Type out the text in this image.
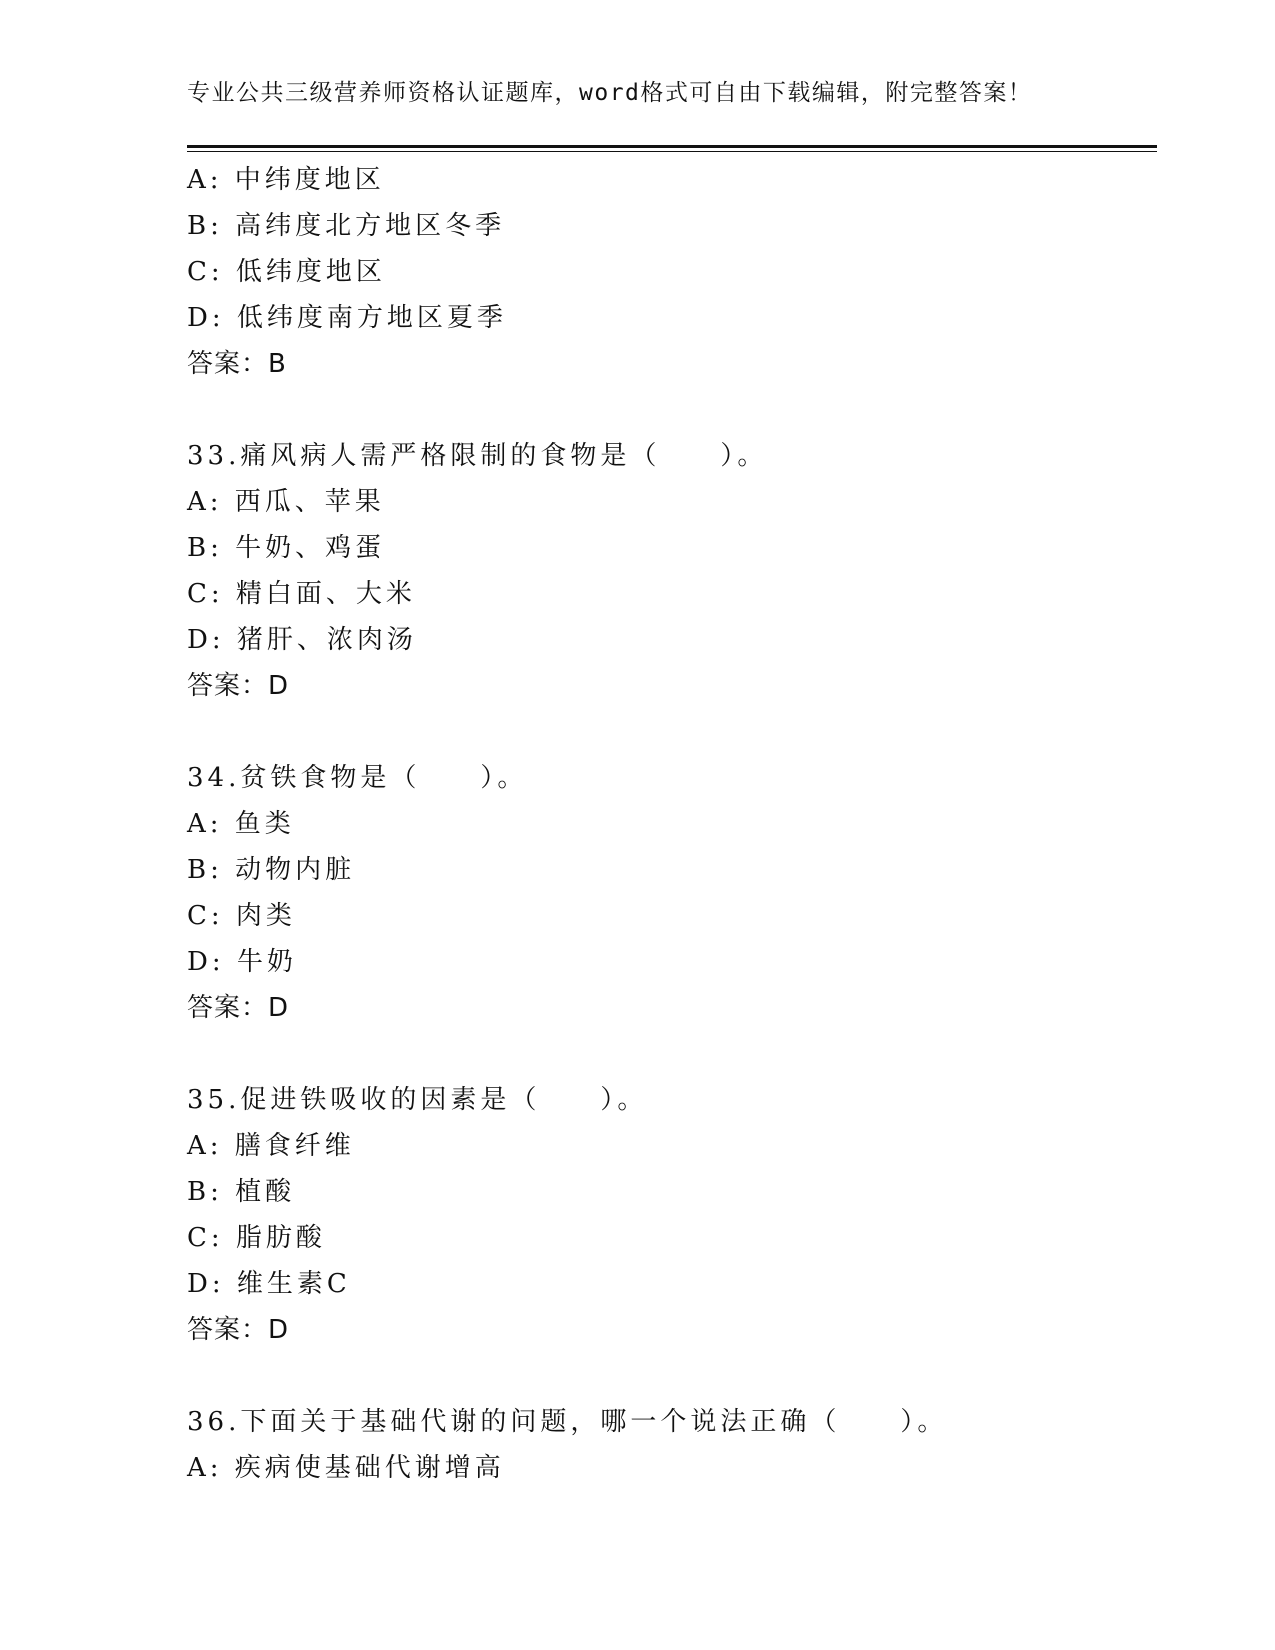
专业公共三级营养师资格认证题库，word格式可自由下载编辑，附完整答案！
A: 中纬度地区
B: 高纬度北方地区冬季
C: 低纬度地区
D: 低纬度南方地区夏季
答案：B
33.痛风病人需严格限制的食物是（　　）。
A: 西瓜、苹果
B: 牛奶、鸡蛋
C: 精白面、大米
D: 猪肝、浓肉汤
答案：D
34.贫铁食物是（　　）。
A: 鱼类
B: 动物内脏
C: 肉类
D: 牛奶
答案：D
35.促进铁吸收的因素是（　　）。
A: 膳食纤维
B: 植酸
C: 脂肪酸
D: 维生素C
答案：D
36.下面关于基础代谢的问题，哪一个说法正确（　　）。
A: 疾病使基础代谢增高
